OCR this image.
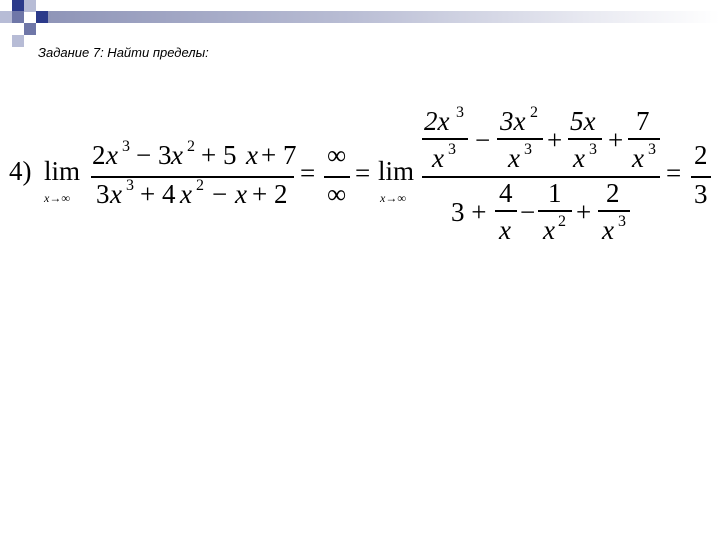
Задание 7: Найти пределы:
4) lim
x→∞
2 x 3 − 3 x 2 + 5 x + 7
3 x 3 + 4 x 2 − x + 2
=
∞
∞
= lim
x→∞
2x 3
x 3 −
3x 2
x 3 +
5x
x 3 +
7
x 3
3 +
4
x
−
1
x 2 +
2
x 3
=
2
3
